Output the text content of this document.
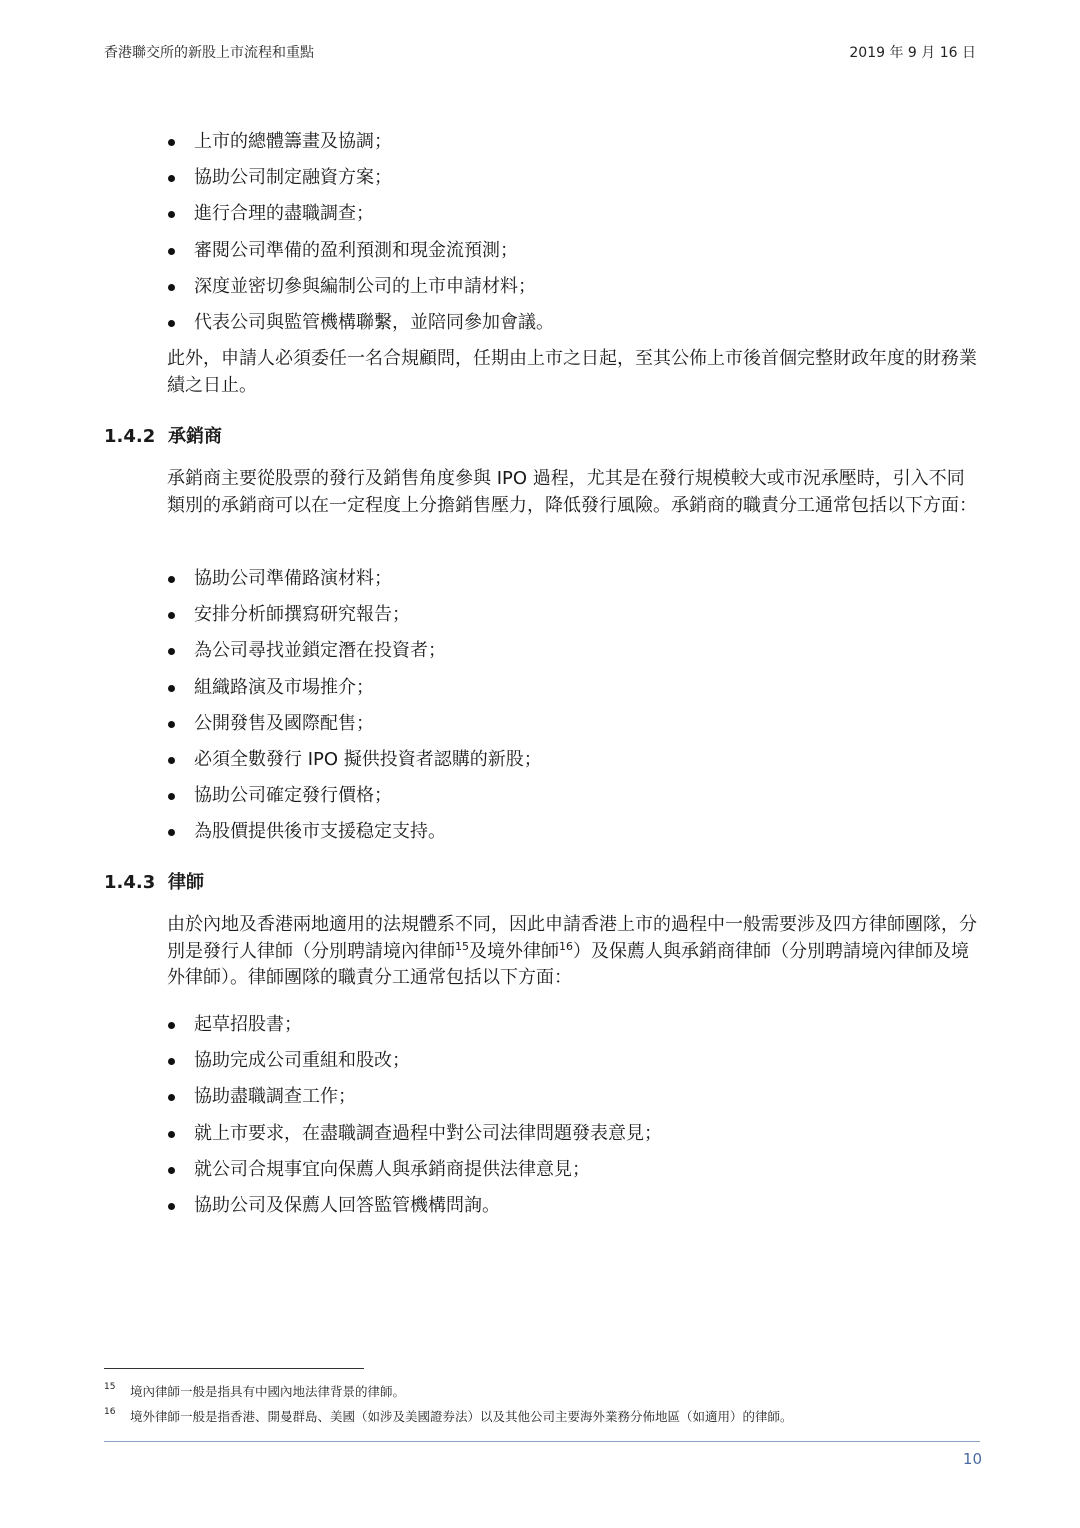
香港聯交所的新股上市流程和重點	2019 年 9 月 16 日
上市的總體籌畫及協調；
協助公司制定融資方案；
進行合理的盡職調查；
審閱公司準備的盈利預測和現金流預測；
深度並密切參與編制公司的上市申請材料；
代表公司與監管機構聯繫，並陪同參加會議。

此外，申請人必須委任一名合規顧問，任期由上市之日起，至其公佈上市後首個完整財政年度的財務業績之日止。

1.4.2 承銷商

承銷商主要從股票的發行及銷售角度參與 IPO 過程，尤其是在發行規模較大或市況承壓時，引入不同類別的承銷商可以在一定程度上分擔銷售壓力，降低發行風險。承銷商的職責分工通常包括以下方面：

協助公司準備路演材料；
安排分析師撰寫研究報告；
為公司尋找並鎖定潛在投資者；
組織路演及市場推介；
公開發售及國際配售；
必須全數發行 IPO 擬供投資者認購的新股；
協助公司確定發行價格；
為股價提供後市支援稳定支持。
1.4.3 律師

由於內地及香港兩地適用的法規體系不同，因此申請香港上市的過程中一般需要涉及四方律師團隊，分別是發行人律師（分別聘請境內律師$^{15}$及境外律師$^{16}$）及保薦人與承銷商律師（分別聘請境內律師及境外律師）。律師團隊的職責分工通常包括以下方面：

起草招股書；
協助完成公司重組和股改；
協助盡職調查工作；
就上市要求，在盡職調查過程中對公司法律問題發表意見；
就公司合規事宜向保薦人與承銷商提供法律意見；
協助公司及保薦人回答監管機構問詢。
15 境內律師一般是指具有中國內地法律背景的律師。
16 境外律師一般是指香港、開曼群島、美國（如涉及美國證券法）以及其他公司主要海外業務分佈地區（如適用）的律師。
10
